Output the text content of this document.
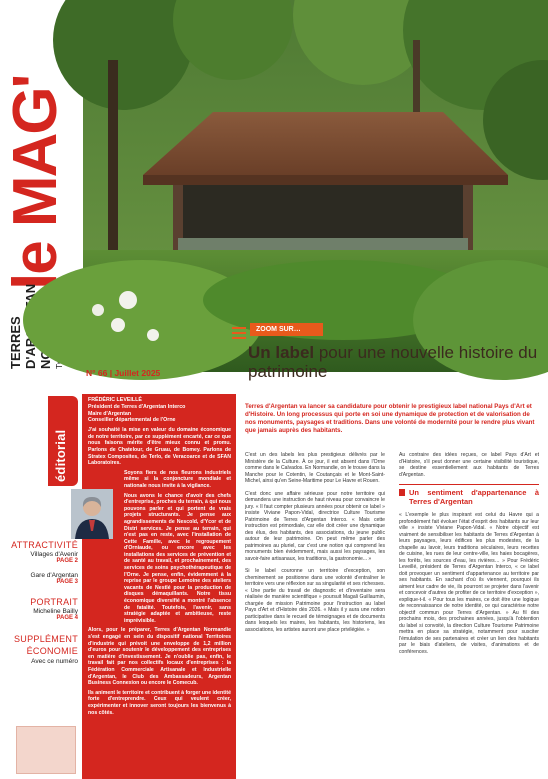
le MAG'
TERRES
N° 66 | Juillet 2025
ZOOM SUR…
Un label pour une nouvelle histoire du patrimoine
éditorial
ATTRACTIVITÉ
Villages d'Avenir
PAGE 2
Gare d'Argentan
PAGE 3
PORTRAIT
Micheline Bailly
PAGE 4
SUPPLÉMENT ÉCONOMIE
Avec ce numéro
FRÉDÉRIC LEVEILLÉ
Président de Terres d'Argentan Interco
Maire d'Argentan
Conseiller départemental de l'Orne

J'ai souhaité la mise en valeur du domaine économique de notre territoire, par ce supplément encarté, car ce que nous faisons mérite d'être mieux connu et promu. Parlons de Chatelour, de Gruau, de Bomey. Parlons de Stratex Composites, de Terlo, de Veracoarce et de SFAN Laboratoires.

Soyons fiers de nos fleurons industriels même si la conjoncture mondiale et nationale nous invite à la vigilance.

Nous avons le chance d'avoir des chefs d'entreprise, proches du terrain, à qui nous pouvons parler et qui portent de vrais projets structurants. Je pense aux agrandissements de Nescold, d'Ycor et de Distri services. Je pense au terrain, qui n'est pas en reste, avec l'installation de Cette Famille, avec le regroupement d'Orniaude, ou encore avec les installations des services de prévention et de santé au travail, et prochainement, des services de soins psychothérapeutique de l'Orne. Je pense, enfin, évidemment à la reprise par le groupe Lemoine des ateliers vacants de Nestlé pour la production de disques démaquillants. Notre tissu économique diversifié a montré l'absence de fatalité. Toutefois, l'avenir, sans stratégie adaptée et ambitieuse, reste imprévisible.

Alors, pour le préparer, Terres d'Argentan Normandie s'est engagé en sein du dispositif national Territoires d'industrie qui prévoit une enveloppe de 1,2 million d'euros pour soutenir le développement des entreprises en matière d'investissement. Je n'oublie pas, enfin, le travail fait par nos collectifs locaux d'entreprises : la Fédération Commerciale Artisanale et Industrielle d'Argentan, le Club des Ambassadeurs, Argentan Business Connexion ou encore le Comecub.

Ils animent le territoire et contribuent à forger une identité forte d'entreprendre. Ceux qui veulent créer, expérimenter et innover seront toujours les bienvenus à nos côtés.

Terres d'Argentan va lancer sa candidature pour obtenir le prestigieux label national Pays d'Art et d'Histoire. Un long processus qui porte en soi une dynamique de protection et de valorisation de nos monuments, paysages et traditions. Dans une volonté de modernité pour le rendre plus vivant que jamais auprès des habitants.

C'est un des labels les plus prestigieux délivrés par le Ministère de la Culture. À ce jour, il est absent dans l'Orne comme dans le Calvados. En Normandie, on le trouve dans la Manche pour le Cotentin, le Coutançais et le Mont-Saint-Michel, ainsi qu'en Seine-Maritime pour Le Havre et Rouen.

C'est donc une affaire sérieuse pour notre territoire qui demandera une instruction de haut niveau pour convaincre le jury. « Il faut compter plusieurs années pour obtenir ce label » insiste Viviane Papon-Vidal, directrice Culture Tourisme Patrimoine de Terres d'Argentan Interco. « Mais cette instruction est primordiale, car elle doit créer une dynamique des élus, des habitants, des associations, du jeune public autour de leur patrimoine. On peut même parler des patrimoines au pluriel, car c'est une notion qui comprend les monuments bien évidemment, mais aussi les paysages, les savoir-faire artisanaux, les traditions, la gastronomie... »

Si le label couronne un territoire d'exception, son cheminement se positionne dans une volonté d'entraîner le territoire vers une réflexion sur sa singularité et ses richesses. « Une partie du travail de diagnostic et d'inventaire sera réalisée de manière scientifique » poursuit Magali Guillaumin, chargée de mission Patrimoine pour l'instruction au label Pays d'Art et d'Histoire dès 2026. « Mais il y aura une notion participative dans le recueil de témoignages et de documents dans lesquels les maires, les habitants, les historiens, les associations, les artistes auront une place privilégiée. »

Au contraire des idées reçues, ce label Pays d'Art et d'Histoire, s'il peut donner une certaine visibilité touristique, se destine essentiellement aux habitants de Terres d'Argentan.

Un sentiment d'appartenance à Terres d'Argentan

« L'exemple le plus inspirant est celui du Havre qui a profondément fait évoluer l'état d'esprit des habitants sur leur ville » insiste Viviane Papon-Vidal. « Notre objectif est vraiment de sensibiliser les habitants de Terres d'Argentan à leurs paysages, leurs édifices les plus modestes, de la chapelle au lavoir, leurs traditions séculaires, leurs recettes de cuisine, les rues de leur centre-ville, les haies bocagères, les forêts, les sources d'eau, les rivières… » Pour Frédéric Leveillé, président de Terres d'Argentan Interco, « ce label doit provoquer un sentiment d'appartenance au territoire par ses habitants. En sachant d'où ils viennent, pourquoi ils aiment leur cadre de vie, ils pourront se projeter dans l'avenir et concevoir d'autres de profiter de ce territoire d'exception », explique-t-il. « Pour tous les maires, ce doit être une logique de reconnaissance de notre identité, ce qui caractérise notre objectif commun pour Terres d'Argentan. » Au fil des prochains mois, des prochaines années, jusqu'à l'obtention du label si convoité, la direction Culture Tourisme Patrimoine mettra en place sa stratégie, notamment pour susciter l'émulation de ses partenaires et créer un lien des habitants par le biais d'ateliers, de visites, d'animations et de conférences.
